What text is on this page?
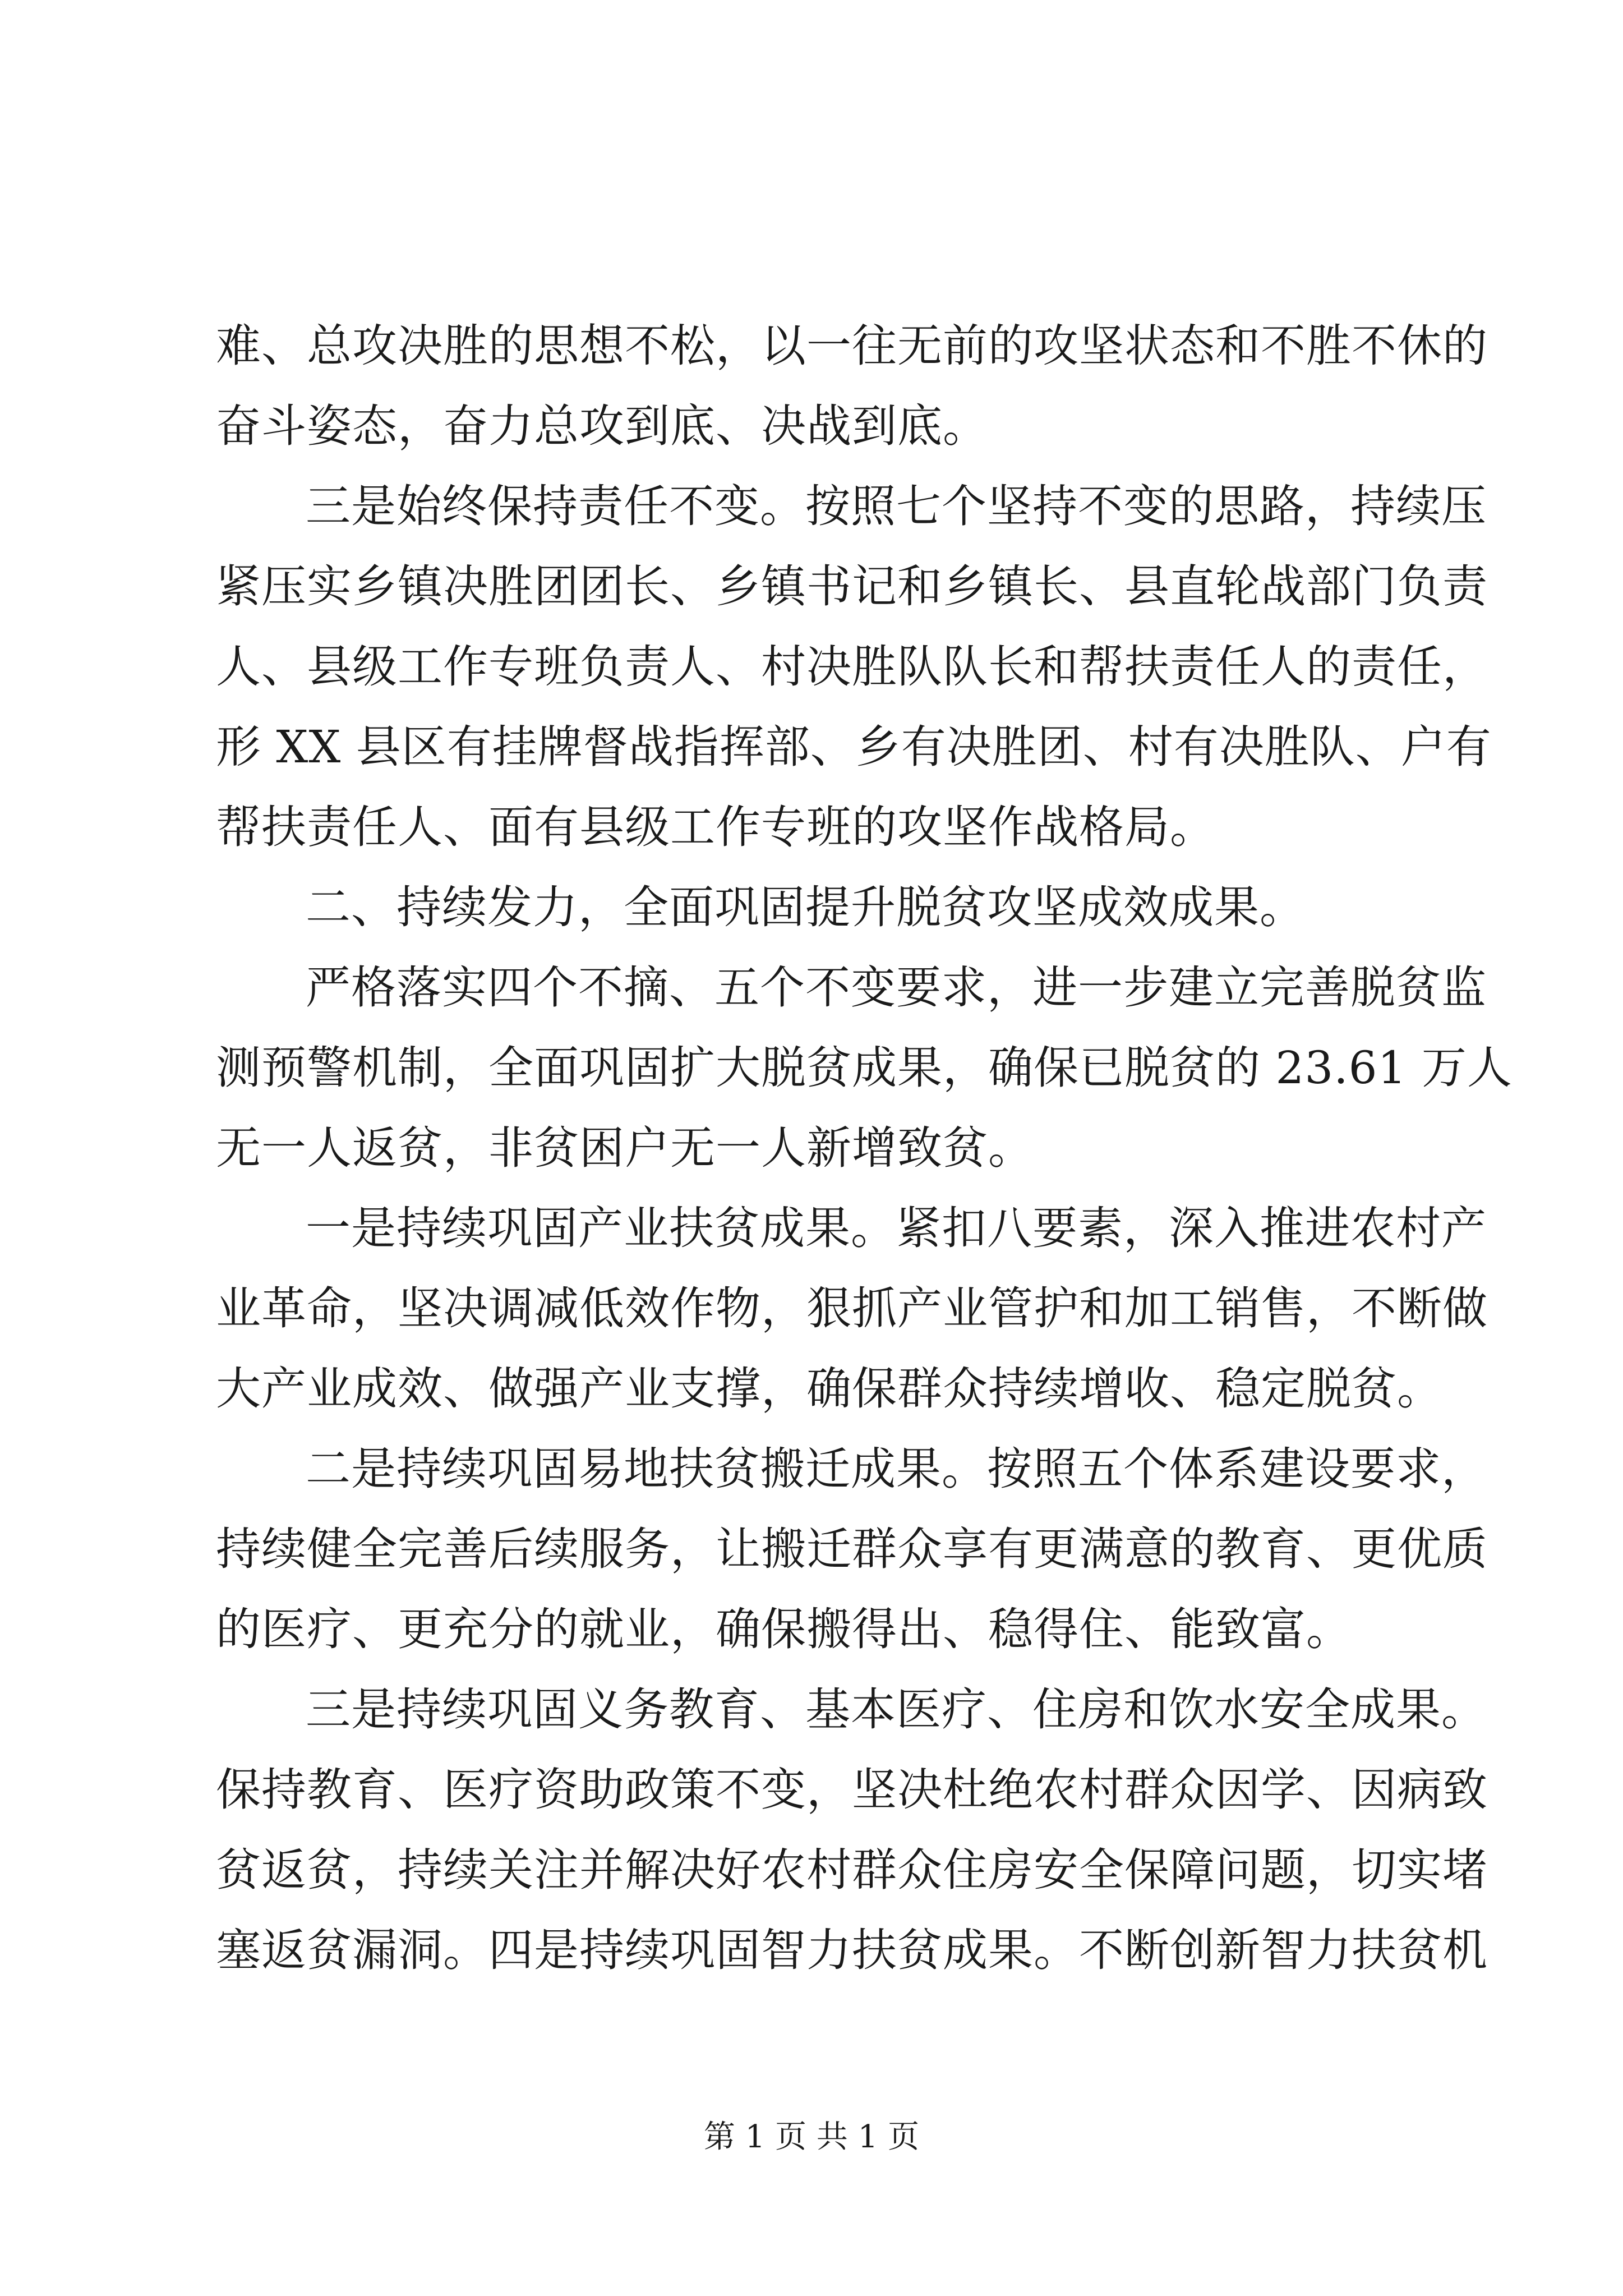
难、总攻决胜的思想不松，以一往无前的攻坚状态和不胜不休的
奋斗姿态，奋力总攻到底、决战到底。
三是始终保持责任不变。按照七个坚持不变的思路，持续压
紧压实乡镇决胜团团长、乡镇书记和乡镇长、县直轮战部门负责
人、县级工作专班负责人、村决胜队队长和帮扶责任人的责任，
形 XX 县区有挂牌督战指挥部、乡有决胜团、村有决胜队、户有
帮扶责任人、面有县级工作专班的攻坚作战格局。
二、持续发力，全面巩固提升脱贫攻坚成效成果。
严格落实四个不摘、五个不变要求，进一步建立完善脱贫监
测预警机制，全面巩固扩大脱贫成果，确保已脱贫的 23.61 万人
无一人返贫，非贫困户无一人新增致贫。
一是持续巩固产业扶贫成果。紧扣八要素，深入推进农村产
业革命，坚决调减低效作物，狠抓产业管护和加工销售，不断做
大产业成效、做强产业支撑，确保群众持续增收、稳定脱贫。
二是持续巩固易地扶贫搬迁成果。按照五个体系建设要求，
持续健全完善后续服务，让搬迁群众享有更满意的教育、更优质
的医疗、更充分的就业，确保搬得出、稳得住、能致富。
三是持续巩固义务教育、基本医疗、住房和饮水安全成果。
保持教育、医疗资助政策不变，坚决杜绝农村群众因学、因病致
贫返贫，持续关注并解决好农村群众住房安全保障问题，切实堵
塞返贫漏洞。四是持续巩固智力扶贫成果。不断创新智力扶贫机
第 1 页 共 1 页
